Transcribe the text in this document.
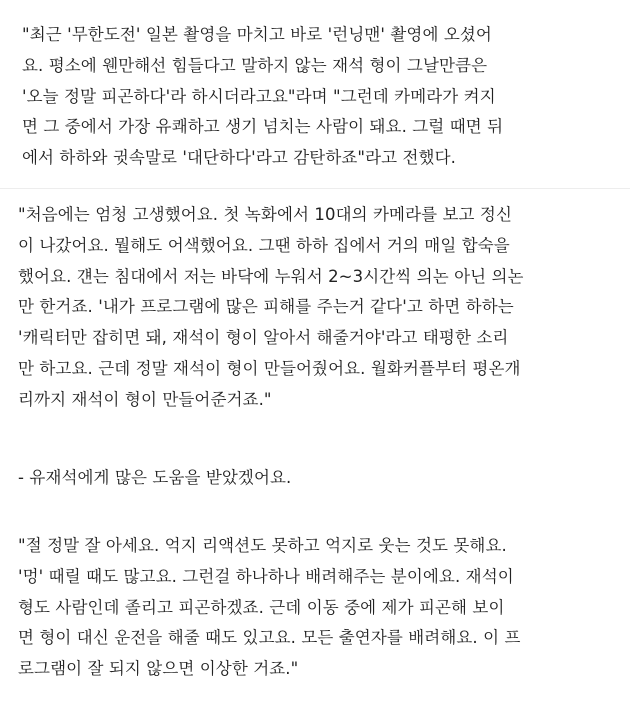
"최근 '무한도전' 일본 촬영을 마치고 바로 '런닝맨' 촬영에 오셨어
요. 평소에 웬만해선 힘들다고 말하지 않는 재석 형이 그날만큼은
'오늘 정말 피곤하다'라 하시더라고요"라며 "그런데 카메라가 켜지
면 그 중에서 가장 유쾌하고 생기 넘치는 사람이 돼요. 그럴 때면 뒤
에서 하하와 귓속말로 '대단하다'라고 감탄하죠"라고 전했다.

"처음에는 엄청 고생했어요. 첫 녹화에서 10대의 카메라를 보고 정신
이 나갔어요. 뭘해도 어색했어요. 그땐 하하 집에서 거의 매일 합숙을
했어요. 걘는 침대에서 저는 바닥에 누워서 2~3시간씩 의논 아닌 의논
만 한거죠. '내가 프로그램에 많은 피해를 주는거 같다'고 하면 하하는
'캐릭터만 잡히면 돼, 재석이 형이 알아서 해줄거야'라고 태평한 소리
만 하고요. 근데 정말 재석이 형이 만들어줬어요. 월화커플부터 평온개
리까지 재석이 형이 만들어준거죠."

- 유재석에게 많은 도움을 받았겠어요.

"절 정말 잘 아세요. 억지 리액션도 못하고 억지로 웃는 것도 못해요.
'멍' 때릴 때도 많고요. 그런걸 하나하나 배려해주는 분이에요. 재석이
형도 사람인데 졸리고 피곤하겠죠. 근데 이동 중에 제가 피곤해 보이
면 형이 대신 운전을 해줄 때도 있고요. 모든 출연자를 배려해요. 이 프
로그램이 잘 되지 않으면 이상한 거죠."
